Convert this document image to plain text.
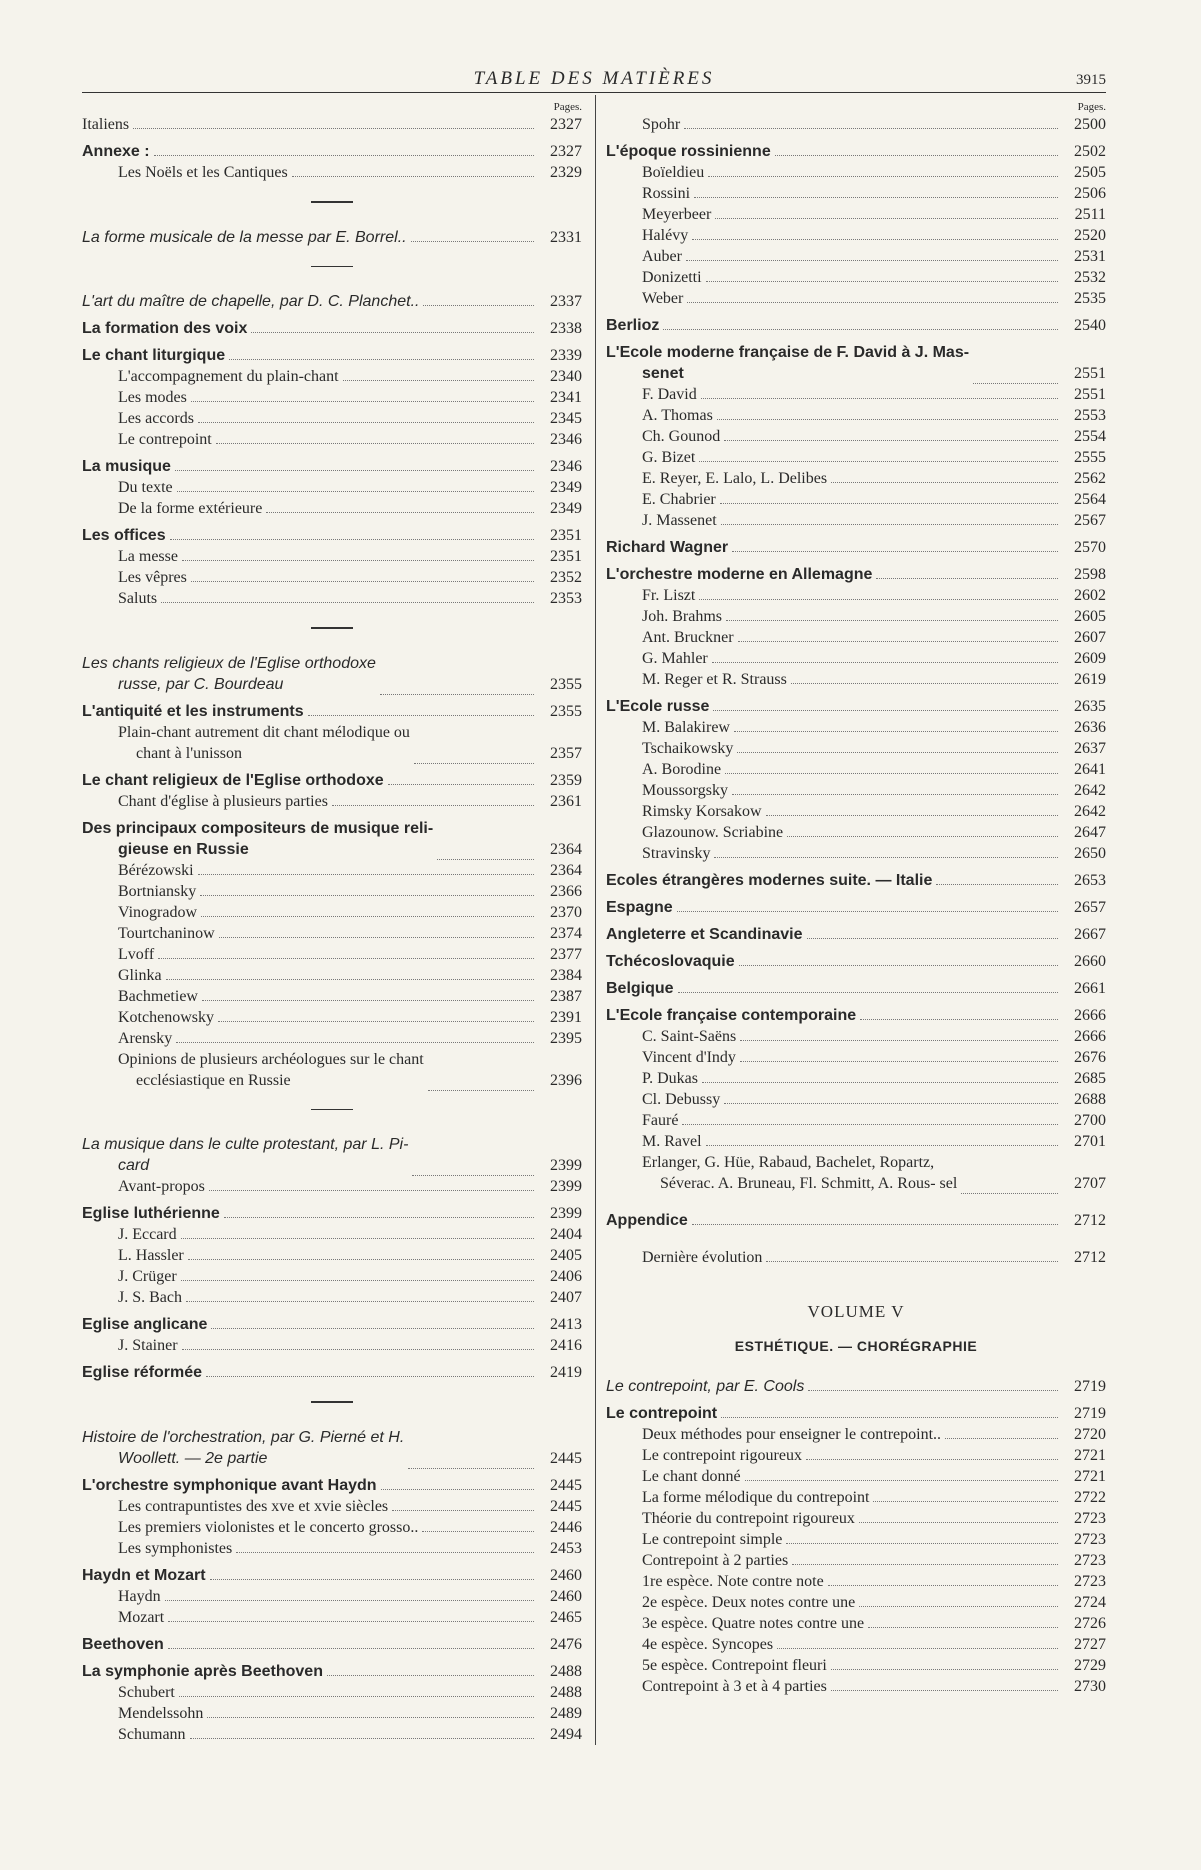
TABLE DES MATIÈRES	3915
Pages.
Italiens	2327
Annexe :	2327
Les Noëls et les Cantiques	2329
La forme musicale de la messe par E. Borrel..	2331
L'art du maître de chapelle, par D. C. Planchet..	2337
La formation des voix	2338
Le chant liturgique	2339
L'accompagnement du plain-chant	2340
Les modes	2341
Les accords	2345
Le contrepoint	2346
La musique	2346
Du texte	2349
De la forme extérieure	2349
Les offices	2351
La messe	2351
Les vêpres	2352
Saluts	2353
Les chants religieux de l'Eglise orthodoxe
russe, par C. Bourdeau	2355
L'antiquité et les instruments	2355
Plain-chant autrement dit chant mélodique ou
chant à l'unisson	2357
Le chant religieux de l'Eglise orthodoxe	2359
Chant d'église à plusieurs parties	2361
Des principaux compositeurs de musique reli-
gieuse en Russie	2364
Bérézowski	2364
Bortniansky	2366
Vinogradow	2370
Tourtchaninow	2374
Lvoff	2377
Glinka	2384
Bachmetiew	2387
Kotchenowsky	2391
Arensky	2395
Opinions de plusieurs archéologues sur le chant
ecclésiastique en Russie	2396
La musique dans le culte protestant, par L. Pi-
card	2399
Avant-propos	2399
Eglise luthérienne	2399
J. Eccard	2404
L. Hassler	2405
J. Crüger	2406
J. S. Bach	2407
Eglise anglicane	2413
J. Stainer	2416
Eglise réformée	2419
Histoire de l'orchestration, par G. Pierné et H.
Woollett. — 2e partie	2445
L'orchestre symphonique avant Haydn	2445
Les contrapuntistes des xve et xvie siècles	2445
Les premiers violonistes et le concerto grosso..	2446
Les symphonistes	2453
Haydn et Mozart	2460
Haydn	2460
Mozart	2465
Beethoven	2476
La symphonie après Beethoven	2488
Schubert	2488
Mendelssohn	2489
Schumann	2494
Pages.
Spohr	2500
L'époque rossinienne	2502
Boïeldieu	2505
Rossini	2506
Meyerbeer	2511
Halévy	2520
Auber	2531
Donizetti	2532
Weber	2535
Berlioz	2540
L'Ecole moderne française de F. David à J. Mas-
senet	2551
F. David	2551
A. Thomas	2553
Ch. Gounod	2554
G. Bizet	2555
E. Reyer, E. Lalo, L. Delibes	2562
E. Chabrier	2564
J. Massenet	2567
Richard Wagner	2570
L'orchestre moderne en Allemagne	2598
Fr. Liszt	2602
Joh. Brahms	2605
Ant. Bruckner	2607
G. Mahler	2609
M. Reger et R. Strauss	2619
L'Ecole russe	2635
M. Balakirew	2636
Tschaikowsky	2637
A. Borodine	2641
Moussorgsky	2642
Rimsky Korsakow	2642
Glazounow. Scriabine	2647
Stravinsky	2650
Ecoles étrangères modernes suite. — Italie	2653
Espagne	2657
Angleterre et Scandinavie	2667
Tchécoslovaquie	2660
Belgique	2661
L'Ecole française contemporaine	2666
C. Saint-Saëns	2666
Vincent d'Indy	2676
P. Dukas	2685
Cl. Debussy	2688
Fauré	2700
M. Ravel	2701
Erlanger, G. Hüe, Rabaud, Bachelet, Ropartz,
Séverac. A. Bruneau, Fl. Schmitt, A. Rous- sel	2707
Appendice	2712
Dernière évolution	2712
VOLUME V
ESTHÉTIQUE. — CHORÉGRAPHIE
Le contrepoint, par E. Cools	2719
Le contrepoint	2719
Deux méthodes pour enseigner le contrepoint..	2720
Le contrepoint rigoureux	2721
Le chant donné	2721
La forme mélodique du contrepoint	2722
Théorie du contrepoint rigoureux	2723
Le contrepoint simple	2723
Contrepoint à 2 parties	2723
1re espèce. Note contre note	2723
2e espèce. Deux notes contre une	2724
3e espèce. Quatre notes contre une	2726
4e espèce. Syncopes	2727
5e espèce. Contrepoint fleuri	2729
Contrepoint à 3 et à 4 parties	2730
